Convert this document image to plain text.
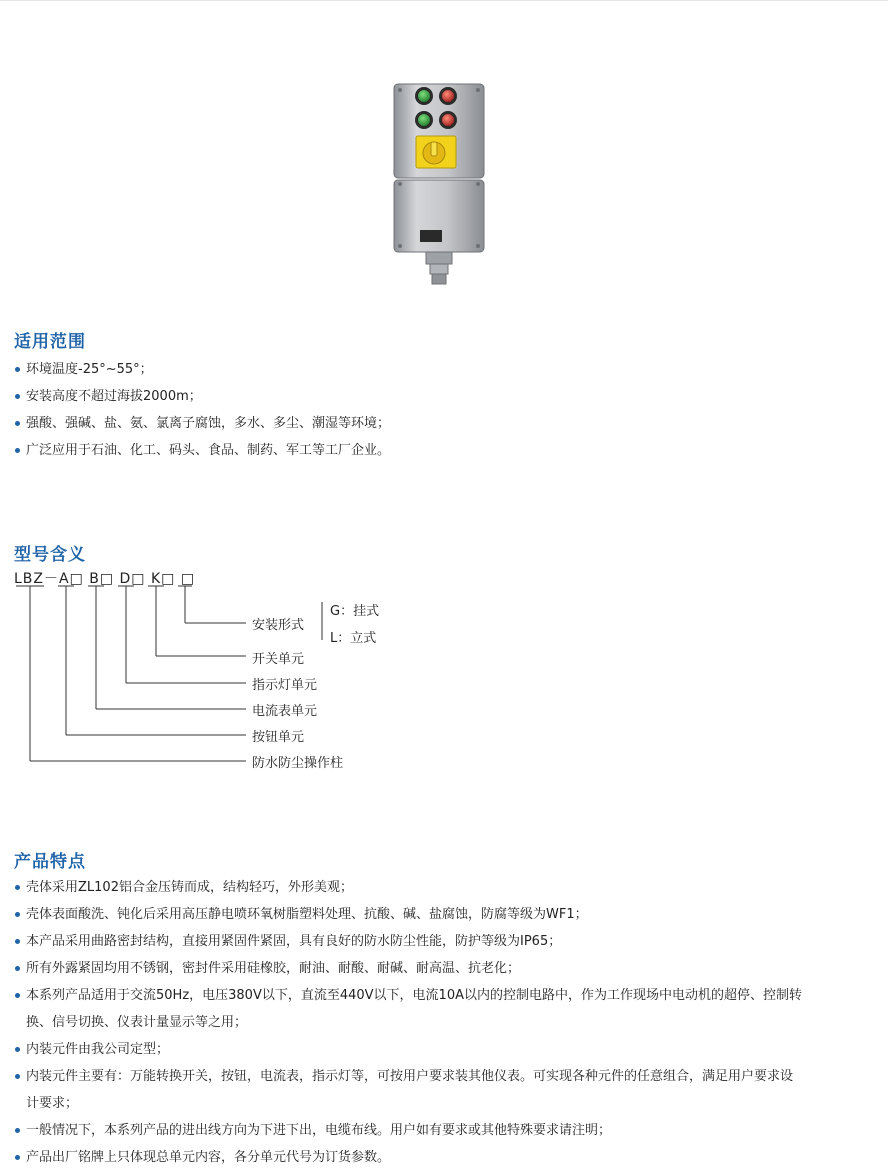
适用范围
环境温度-25°~55°；
安装高度不超过海拔2000m；
强酸、强碱、盐、氨、氯离子腐蚀，多水、多尘、潮湿等环境；
广泛应用于石油、化工、码头、食品、制药、军工等工厂企业。
型号含义
LBZ－A□ B□ D□ K□ □
安装形式
G：挂式
L：立式
开关单元
指示灯单元
电流表单元
按钮单元
防水防尘操作柱
产品特点
壳体采用ZL102铝合金压铸而成，结构轻巧，外形美观；
壳体表面酸洗、钝化后采用高压静电喷环氧树脂塑料处理、抗酸、碱、盐腐蚀，防腐等级为WF1；
本产品采用曲路密封结构，直接用紧固件紧固，具有良好的防水防尘性能，防护等级为IP65；
所有外露紧固均用不锈钢，密封件采用硅橡胶，耐油、耐酸、耐碱、耐高温、抗老化；
本系列产品适用于交流50Hz，电压380V以下，直流至440V以下，电流10A以内的控制电路中，作为工作现场中电动机的超停、控制转
换、信号切换、仪表计量显示等之用；
内装元件由我公司定型；
内装元件主要有：万能转换开关，按钮，电流表，指示灯等，可按用户要求装其他仪表。可实现各种元件的任意组合，满足用户要求设
计要求；
一般情况下，本系列产品的进出线方向为下进下出，电缆布线。用户如有要求或其他特殊要求请注明；
产品出厂铭牌上只体现总单元内容，各分单元代号为订货参数。
